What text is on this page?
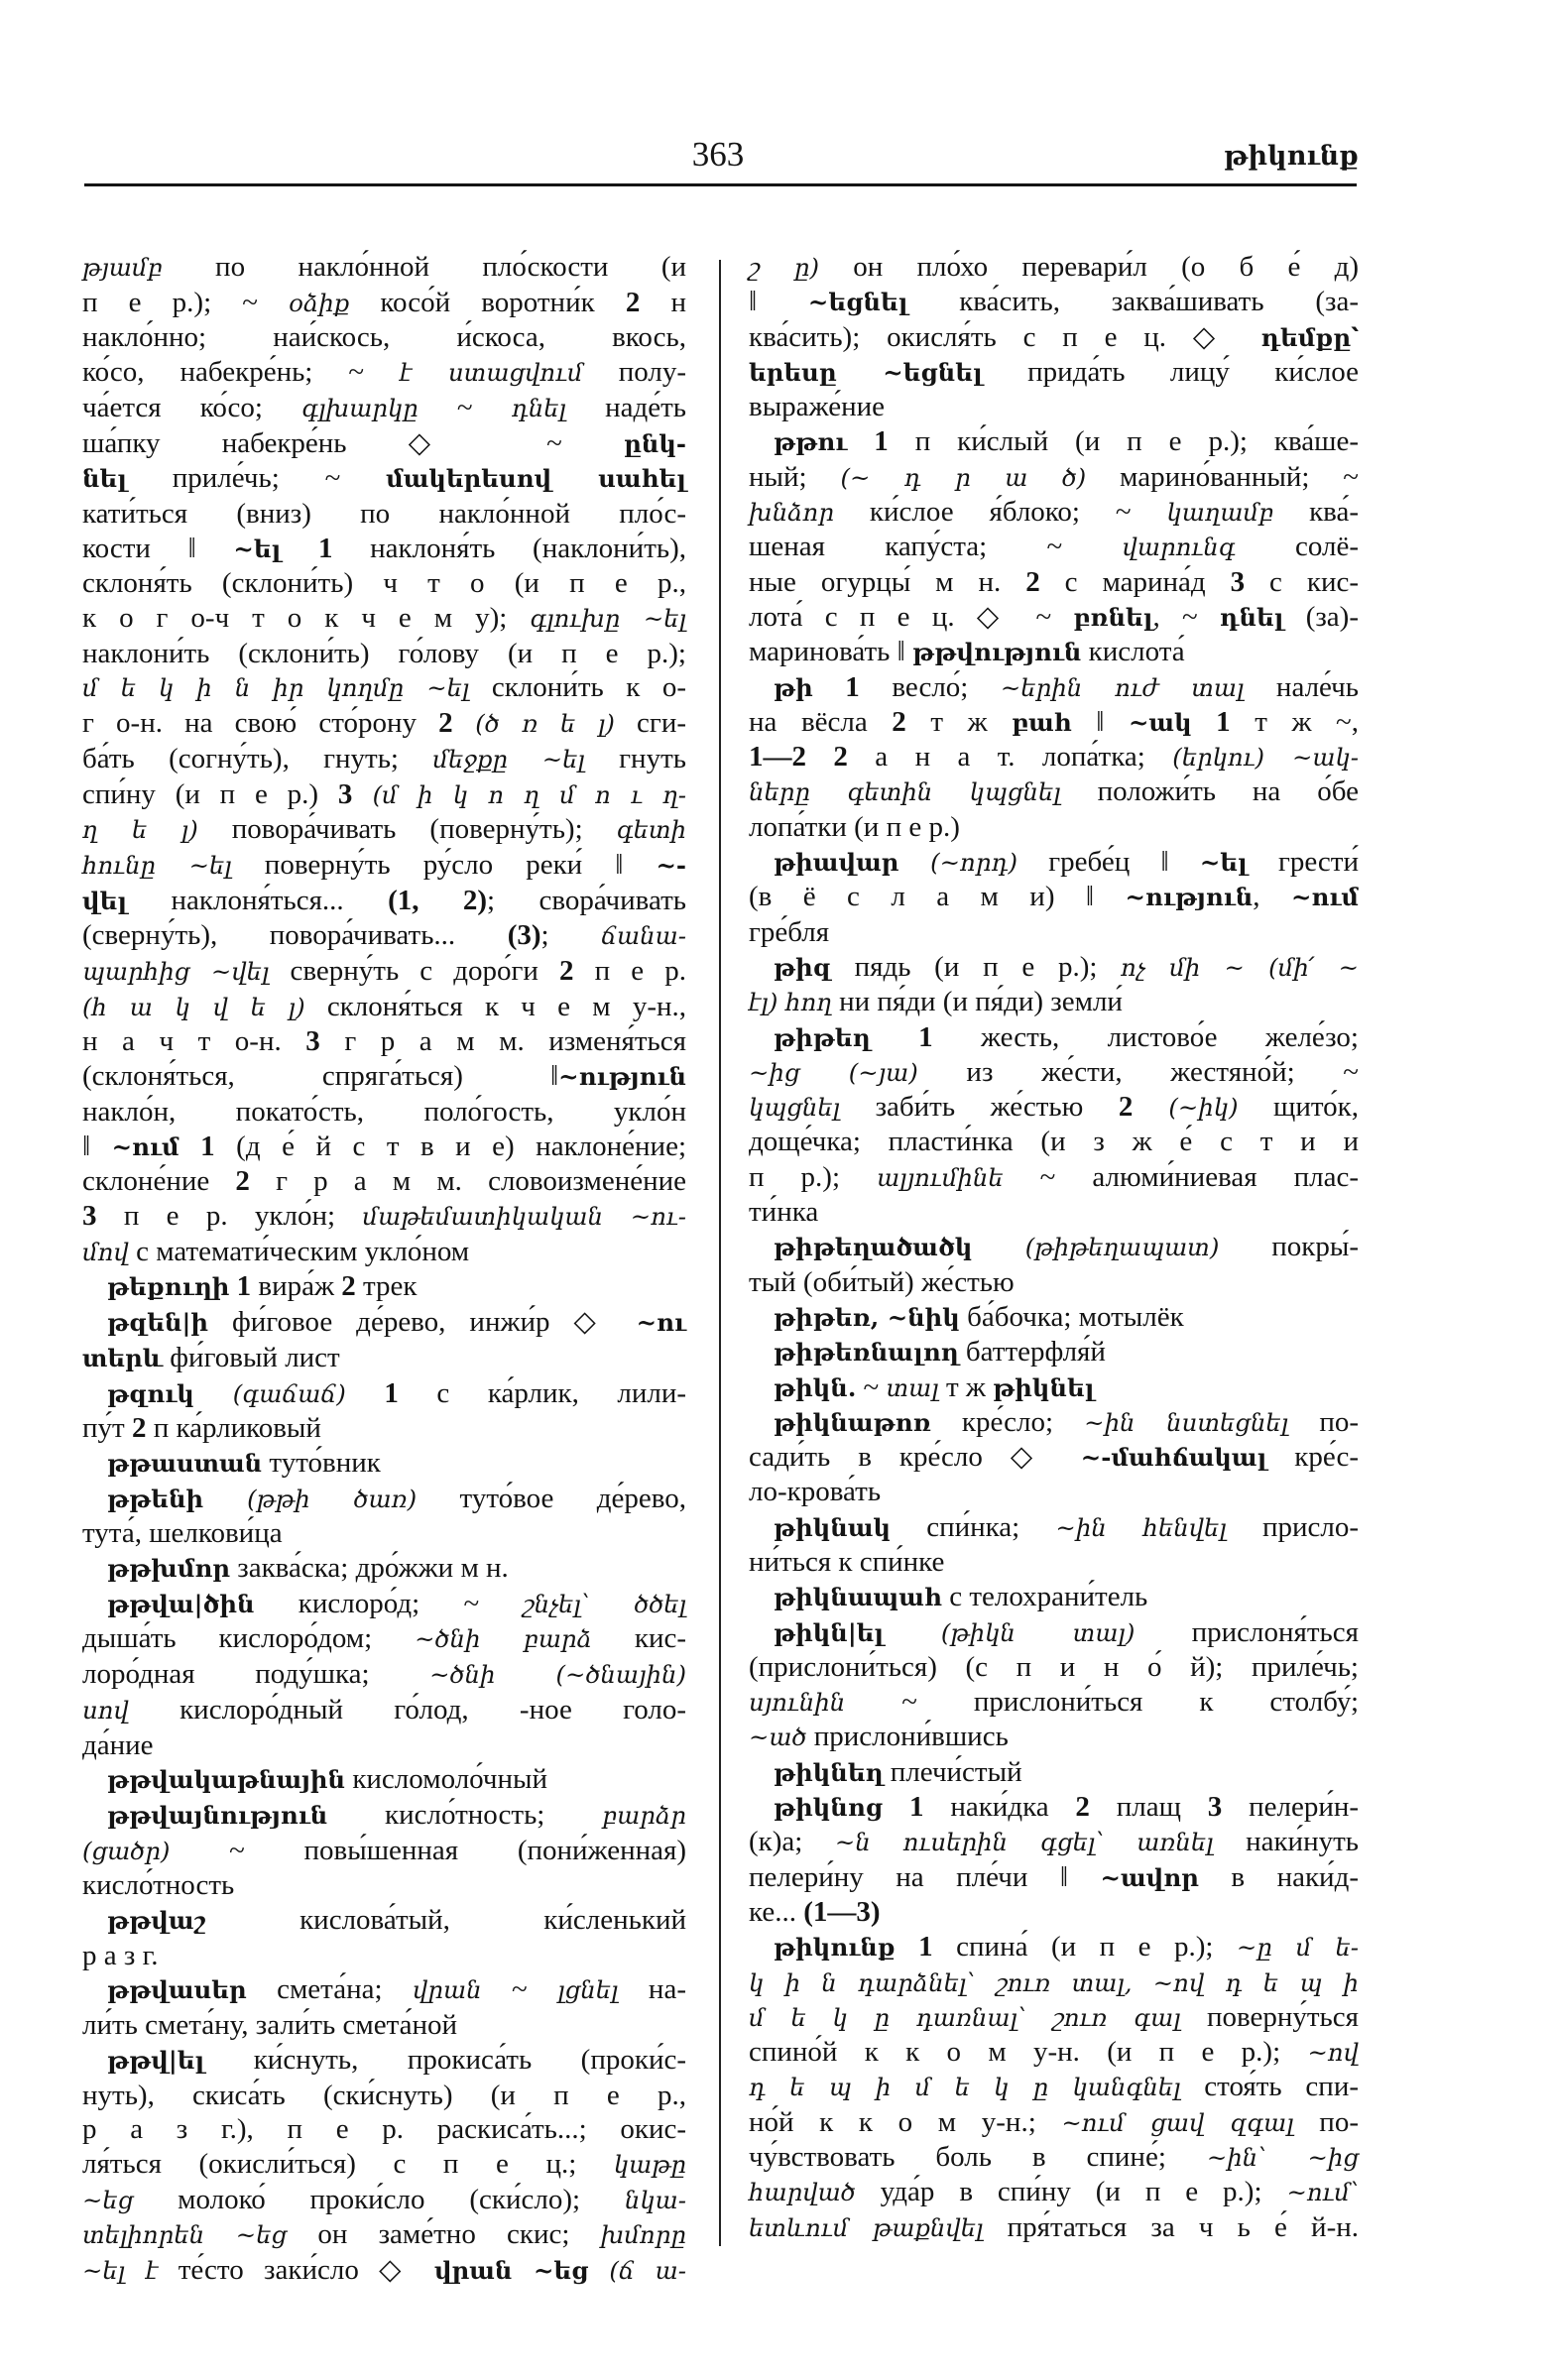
363	թիկունք
թյամբ по накло́нной пло́скости (и
п е р.); ~ օձիք косо́й воротни́к 2 н
накло́нно; наи́скось, и́скоса, вкось,
ко́со, набекре́нь; ~ է ստացվում полу-
ча́ется ко́со; գլխարկը ~ դնել наде́ть
ша́пку набекре́нь ◇ ~ ընկ-
նել приле́чь; ~ մակերեսով սահել
кати́ться (вниз) по накло́нной пло́с-
кости ‖ ~ել 1 наклоня́ть (наклони́ть),
склоня́ть (склони́ть) ч т о (и п е р.,
к о г о-ч т о к ч е м у); գլուխը ~ել
наклони́ть (склони́ть) го́лову (и п е р.);
մ ե կ ի ն իր կողմը ~ել склони́ть к о-
г о-н. на свою́ сто́рону 2 (ծ ռ ե լ) сги-
ба́ть (согну́ть), гнуть; մեջքը ~ել гнуть
спи́ну (и п е р.) 3 (մ ի կ ո ղ մ ո ւ ղ-
ղ ե լ) повора́чивать (поверну́ть); գետի
հունը ~ել поверну́ть ру́сло реки́ ‖ ~-
վել наклоня́ться... (1, 2); свора́чивать
(сверну́ть), повора́чивать... (3); ճանա-
պարհից ~վել сверну́ть с доро́ги 2 п е р.
(հ ա կ վ ե լ) склоня́ться к ч е м у-н.,
н а ч т о-н. 3 г р а м м. изменя́ться
(склоня́ться, спряга́ться) ‖~ություն
накло́н, покато́сть, поло́гость, укло́н
‖ ~ում 1 (д е́ й с т в и е) наклоне́ние;
склоне́ние 2 г р а м м. словоизмене́ние
3 п е р. укло́н; մաթեմատիկական ~ու-
մով с математи́ческим укло́ном
թեքուղի 1 вира́ж 2 трек
թզեն|ի фи́говое де́рево, инжи́р ◇ ~ու
տերև фи́говый лист
թզուկ (գաճաճ) 1 с ка́рлик, лили-
пу́т 2 п ка́рликовый
թթաստան туто́вник
թթենի (թթի ծառ) туто́вое де́рево,
тута́, шелкови́ца
թթխմոր заква́ска; дро́жжи м н.
թթվա|ծին кислоро́д; ~ շնչել՝ ծծել
дыша́ть кислоро́дом; ~ծնի բարձ кис-
лоро́дная поду́шка; ~ծնի (~ծնային)
սով кислоро́дный го́лод, -ное голо-
да́ние
թթվակաթնային кисломоло́чный
թթվայնություն кисло́тность; բարձր
(ցածր) ~ повы́шенная (пони́женная)
кисло́тность
թթվաշ кислова́тый, ки́сленький
р а з г.
թթվասեր смета́на; վրան ~ լցնել на-
ли́ть смета́ну, зали́ть смета́ной
թթվ|ել ки́снуть, прокиса́ть (проки́с-
нуть), скиса́ть (ски́снуть) (и п е р.,
р а з г.), п е р. раскиса́ть...; окис-
ля́ться (окисли́ться) с п е ц.; կաթը
~եց молоко́ проки́сло (ски́сло); նկա-
տելիորեն ~եց он заме́тно скис; խմորը
~ել է те́сто заки́сло ◇ վրան ~եց (ճ ա-
շ ը) он пло́хо перевари́л (о б е́ д)
‖ ~եցնել ква́сить, заква́шивать (за-
ква́сить); окисля́ть с п е ц. ◇ դեմքը՝
երեսը ~եցնել прида́ть лицу́ ки́слое
выраже́ние
թթու 1 п ки́слый (и п е р.); ква́ше-
ный; (~ դ ր ա ծ) марино́ванный; ~
խնձոր ки́слое я́блоко; ~ կաղամբ ква́-
шеная капу́ста; ~ վարունգ солё-
ные огурцы́ м н. 2 с марина́д 3 с кис-
лота́ с п е ц. ◇ ~ բռնել, ~ դնել (за)-
маринова́ть ‖ թթվություն кислота́
թի 1 весло́; ~երին ուժ տալ нале́чь
на вёсла 2 т ж բահ ‖ ~ակ 1 т ж ~,
1—2 2 а н а т. лопа́тка; (երկու) ~ակ-
ները գետին կպցնել положи́ть на о́бе
лопа́тки (и п е р.)
թիավար (~որդ) гребе́ц ‖ ~ել грести́
(в ё с л а м и) ‖ ~ություն, ~ում
гре́бля
թիզ пядь (и п е р.); ոչ մի ~ (մի՛ ~
էլ) հող ни пя́ди (и пя́ди) земли́
թիթեղ 1 жесть, листово́е желе́зо;
~ից (~յա) из же́сти, жестяно́й; ~
կպցնել заби́ть же́стью 2 (~իկ) щито́к,
доще́чка; пласти́нка (и з ж е́ с т и и
п р.); ալյումինե ~ алюми́ниевая плас-
ти́нка
թիթեղածածկ (թիթեղապատ) покры́-
тый (оби́тый) же́стью
թիթեռ, ~նիկ ба́бочка; мотылёк
թիթեռնալող баттерфля́й
թիկն. ~ տալ т ж թիկնել
թիկնաթոռ кре́сло; ~ին նստեցնել по-
сади́ть в кре́сло ◇ ~-մահճակալ кре́с-
ло-крова́ть
թիկնակ спи́нка; ~ին հենվել присло-
ни́ться к спи́нке
թիկնապահ с телохрани́тель
թիկն|ել (թիկն տալ) прислоня́ться
(прислони́ться) (с п и н о́ й); приле́чь;
սյունին ~ прислони́ться к столбу́;
~ած прислони́вшись
թիկնեղ плечи́стый
թիկնոց 1 наки́дка 2 плащ 3 пелери́н-
(к)а; ~ն ուսերին գցել՝ առնել наки́нуть
пелери́ну на пле́чи ‖ ~ավոր в наки́д-
ке... (1—3)
թիկունք 1 спина́ (и п е р.); ~ը մ ե-
կ ի ն դարձնել՝ շուռ տալ, ~ով դ ե պ ի
մ ե կ ը դառնալ՝ շուռ գալ поверну́ться
спино́й к к о м у-н. (и п е р.); ~ով
դ ե պ ի մ ե կ ը կանգնել стоя́ть спи-
но́й к к о м у-н.; ~ում ցավ զգալ по-
чу́вствовать боль в спине́; ~ին՝ ~ից
հարված уда́р в спи́ну (и п е р.); ~ում՝
ետևում թաքնվել пря́таться за ч ь е́ й-н.
